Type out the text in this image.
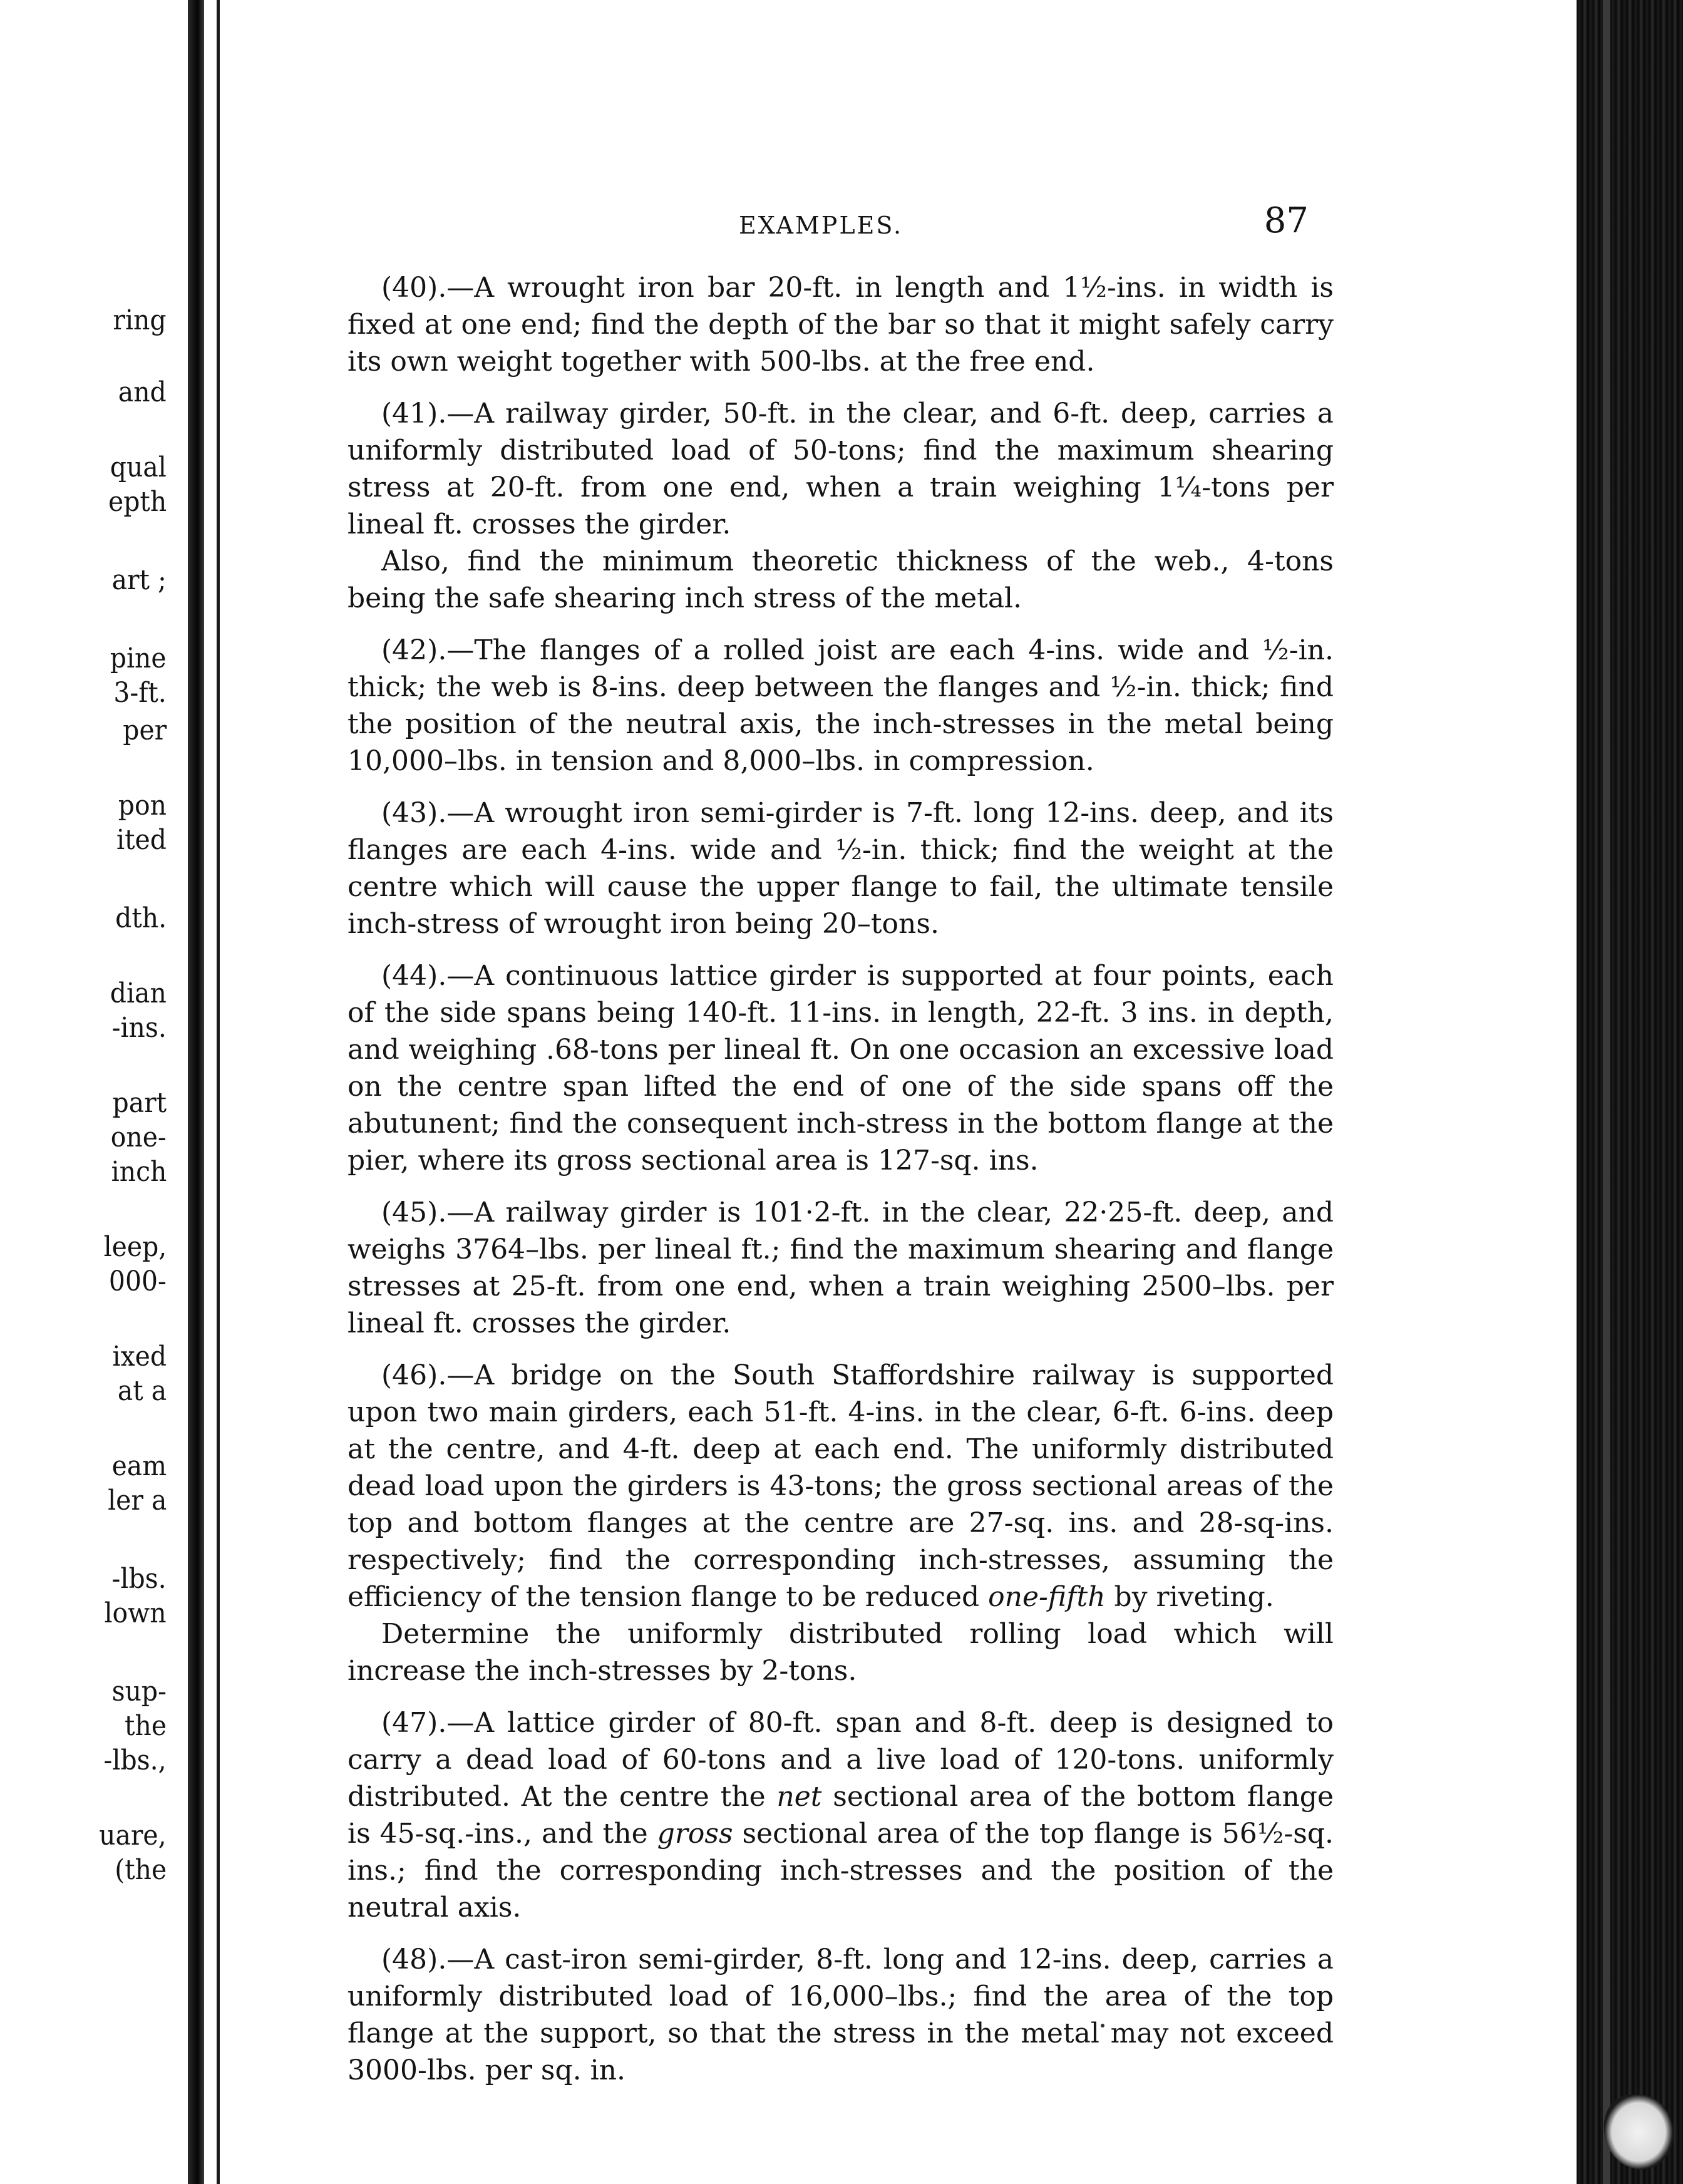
ring
and
qual
epth
art ;
pine
3-ft.
per
pon
ited
dth.
dian
-ins.
part
one-
inch
leep,
000-
ixed
at a
eam
ler a
-lbs.
lown
sup-
the
-lbs.,
uare,
(the
EXAMPLES.	87

(40).—A wrought iron bar 20-ft. in length and 1½-ins. in width is fixed at one end; find the depth of the bar so that it might safely carry its own weight together with 500-lbs. at the free end.

(41).—A railway girder, 50-ft. in the clear, and 6-ft. deep, carries a uniformly distributed load of 50-tons; find the maximum shearing stress at 20-ft. from one end, when a train weighing 1¼-tons per lineal ft. crosses the girder.

Also, find the minimum theoretic thickness of the web., 4-tons being the safe shearing inch stress of the metal.

(42).—The flanges of a rolled joist are each 4-ins. wide and ½-in. thick; the web is 8-ins. deep between the flanges and ½-in. thick; find the position of the neutral axis, the inch-stresses in the metal being 10,000–lbs. in tension and 8,000–lbs. in compression.

(43).—A wrought iron semi-girder is 7-ft. long 12-ins. deep, and its flanges are each 4-ins. wide and ½-in. thick; find the weight at the centre which will cause the upper flange to fail, the ultimate tensile inch-stress of wrought iron being 20–tons.

(44).—A continuous lattice girder is supported at four points, each of the side spans being 140-ft. 11-ins. in length, 22-ft. 3 ins. in depth, and weighing .68-tons per lineal ft. On one occasion an excessive load on the centre span lifted the end of one of the side spans off the abutunent; find the consequent inch-stress in the bottom flange at the pier, where its gross sectional area is 127-sq. ins.

(45).—A railway girder is 101·2-ft. in the clear, 22·25-ft. deep, and weighs 3764–lbs. per lineal ft.; find the maximum shearing and flange stresses at 25-ft. from one end, when a train weighing 2500–lbs. per lineal ft. crosses the girder.

(46).—A bridge on the South Staffordshire railway is supported upon two main girders, each 51-ft. 4-ins. in the clear, 6-ft. 6-ins. deep at the centre, and 4-ft. deep at each end. The uniformly distributed dead load upon the girders is 43-tons; the gross sectional areas of the top and bottom flanges at the centre are 27-sq. ins. and 28-sq-ins. respectively; find the corresponding inch-stresses, assuming the efficiency of the tension flange to be reduced one-fifth by riveting.

Determine the uniformly distributed rolling load which will increase the inch-stresses by 2-tons.

(47).—A lattice girder of 80-ft. span and 8-ft. deep is designed to carry a dead load of 60-tons and a live load of 120-tons. uniformly distributed. At the centre the net sectional area of the bottom flange is 45-sq.-ins., and the gross sectional area of the top flange is 56½-sq. ins.; find the corresponding inch-stresses and the position of the neutral axis.

(48).—A cast-iron semi-girder, 8-ft. long and 12-ins. deep, carries a uniformly distributed load of 16,000–lbs.; find the area of the top flange at the support, so that the stress in the metal may not exceed 3000-lbs. per sq. in.
